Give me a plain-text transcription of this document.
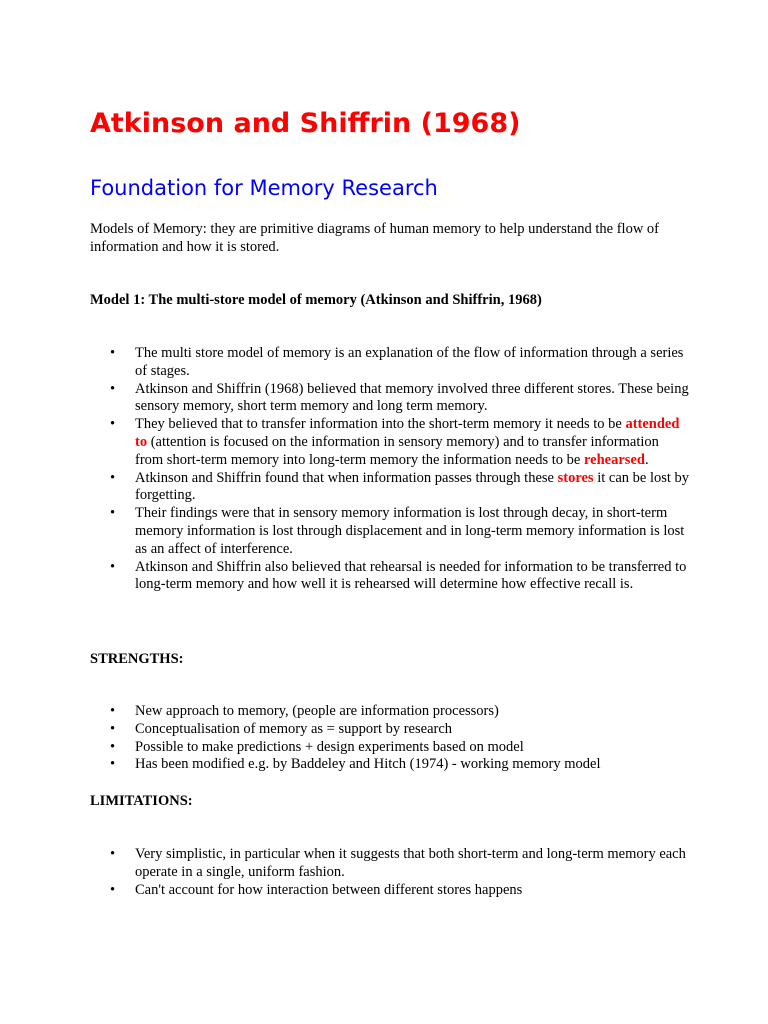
Atkinson and Shiffrin (1968)
Foundation for Memory Research

Models of Memory: they are primitive diagrams of human memory to help understand the flow of information and how it is stored.

Model 1: The multi-store model of memory (Atkinson and Shiffrin, 1968)

• The multi store model of memory is an explanation of the flow of information through a series of stages.
• Atkinson and Shiffrin (1968) believed that memory involved three different stores. These being sensory memory, short term memory and long term memory.
• They believed that to transfer information into the short-term memory it needs to be attended to (attention is focused on the information in sensory memory) and to transfer information from short-term memory into long-term memory the information needs to be rehearsed.
• Atkinson and Shiffrin found that when information passes through these stores it can be lost by forgetting.
• Their findings were that in sensory memory information is lost through decay, in short-term memory information is lost through displacement and in long-term memory information is lost as an affect of interference.
• Atkinson and Shiffrin also believed that rehearsal is needed for information to be transferred to long-term memory and how well it is rehearsed will determine how effective recall is.

STRENGTHS:

• New approach to memory, (people are information processors)
• Conceptualisation of memory as = support by research
• Possible to make predictions + design experiments based on model
• Has been modified e.g. by Baddeley and Hitch (1974) - working memory model

LIMITATIONS:

• Very simplistic, in particular when it suggests that both short-term and long-term memory each operate in a single, uniform fashion.
• Can't account for how interaction between different stores happens
